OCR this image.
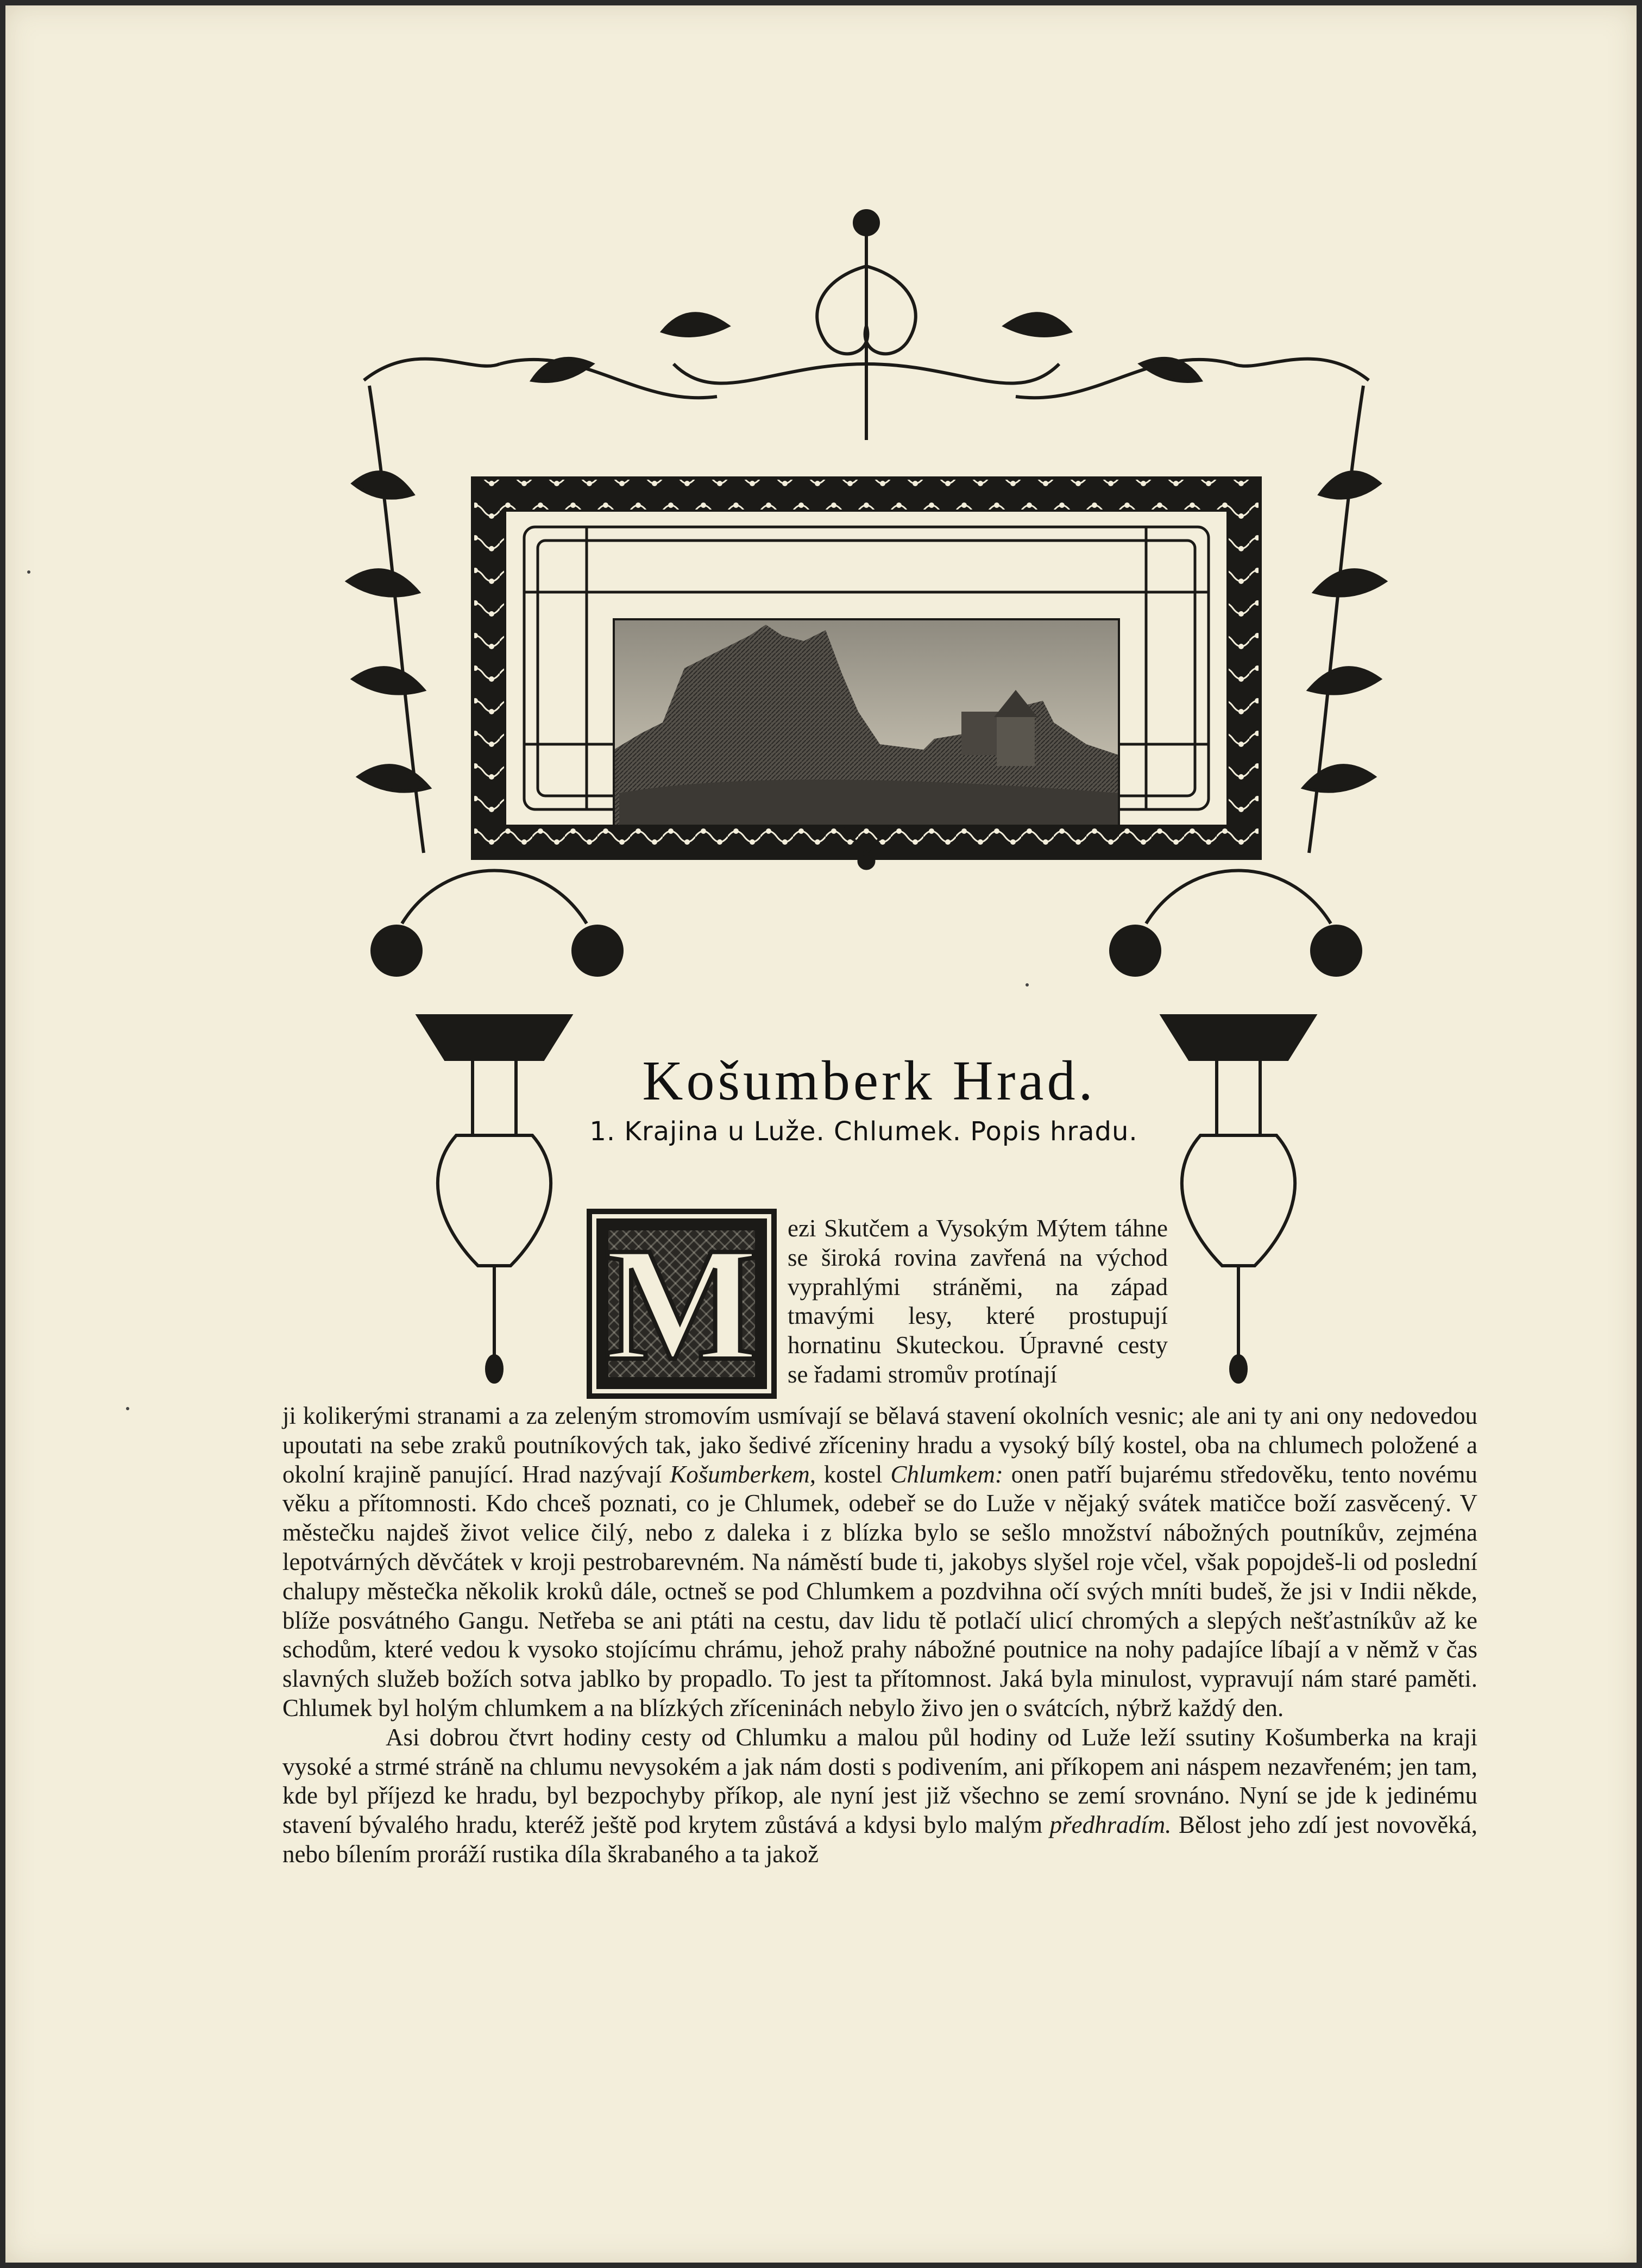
Košumberk Hrad.
1. Krajina u Luže. Chlumek. Popis hradu.
M ezi Skutčem a Vysokým Mýtem táhne se široká rovina zavřená na východ vyprahlými stráněmi, na západ tmavými lesy, které prostupují hornatinu Skuteckou. Úpravné cesty se řadami stromův protínají

ji kolikerými stranami a za zeleným stromovím usmívají se bělavá stavení okolních vesnic; ale ani ty ani ony nedovedou upoutati na sebe zraků poutníkových tak, jako šedivé zříceniny hradu a vysoký bílý kostel, oba na chlumech položené a okolní krajině panující. Hrad nazývají Košumberkem, kostel Chlumkem: onen patří bujarému středověku, tento novému věku a přítomnosti. Kdo chceš poznati, co je Chlumek, odebeř se do Luže v nějaký svátek matičce boží zasvěcený. V městečku najdeš život velice čilý, nebo z daleka i z blízka bylo se sešlo množství nábožných poutníkův, zejména lepotvárných děvčátek v kroji pestrobarevném. Na náměstí bude ti, jakobys slyšel roje včel, však popojdeš-li od poslední chalupy městečka několik kroků dále, octneš se pod Chlumkem a pozdvihna očí svých mníti budeš, že jsi v Indii někde, blíže posvátného Gangu. Netřeba se ani ptáti na cestu, dav lidu tě potlačí ulicí chromých a slepých nešťastníkův až ke schodům, které vedou k vysoko stojícímu chrámu, jehož prahy nábožné poutnice na nohy padajíce líbají a v němž v čas slavných služeb božích sotva jablko by propadlo. To jest ta přítomnost. Jaká byla minulost, vypravují nám staré paměti. Chlumek byl holým chlumkem a na blízkých zříceninách nebylo živo jen o svátcích, nýbrž každý den.

Asi dobrou čtvrt hodiny cesty od Chlumku a malou půl hodiny od Luže leží ssutiny Košumberka na kraji vysoké a strmé stráně na chlumu nevysokém a jak nám dosti s podivením, ani příkopem ani náspem nezavřeném; jen tam, kde byl příjezd ke hradu, byl bezpochyby příkop, ale nyní jest již všechno se zemí srovnáno. Nyní se jde k jedinému stavení bývalého hradu, kteréž ještě pod krytem zůstává a kdysi bylo malým předhradím. Bělost jeho zdí jest novověká, nebo bílením proráží rustika díla škrabaného a ta jakož
